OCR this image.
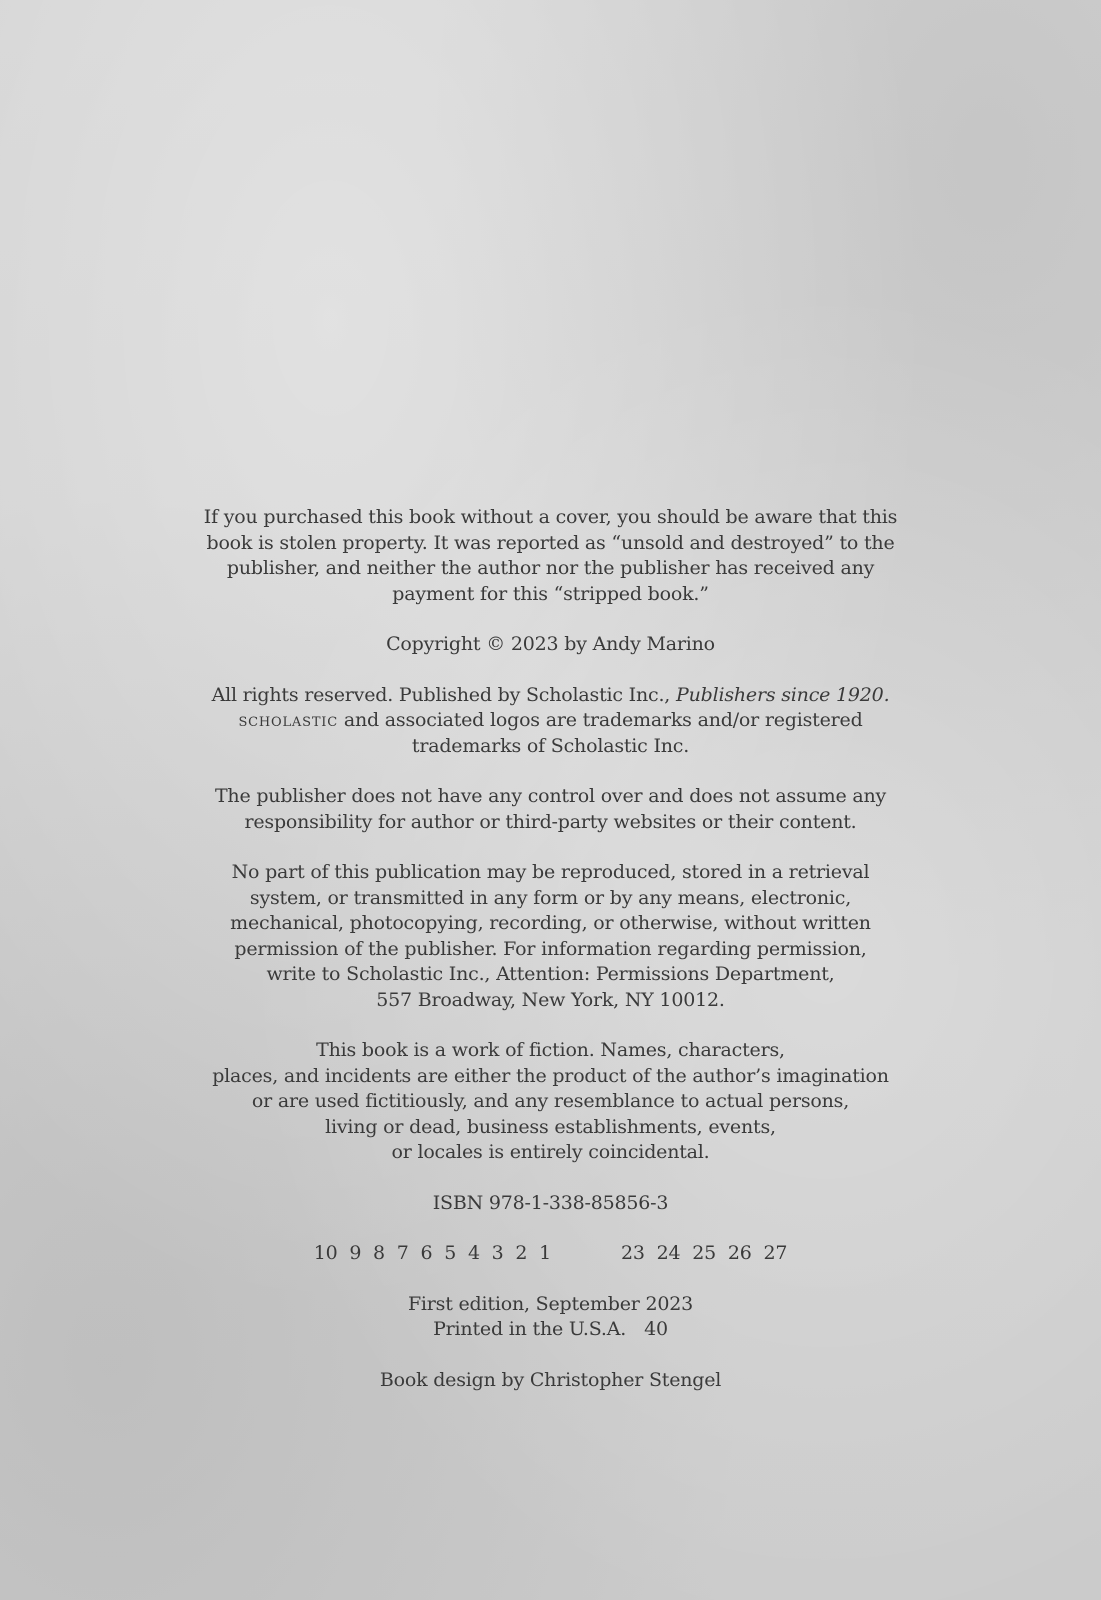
If you purchased this book without a cover, you should be aware that this
book is stolen property. It was reported as “unsold and destroyed” to the
publisher, and neither the author nor the publisher has received any
payment for this “stripped book.”
Copyright © 2023 by Andy Marino
All rights reserved. Published by Scholastic Inc., Publishers since 1920.
scholastic and associated logos are trademarks and/or registered
trademarks of Scholastic Inc.
The publisher does not have any control over and does not assume any
responsibility for author or third-party websites or their content.
No part of this publication may be reproduced, stored in a retrieval
system, or transmitted in any form or by any means, electronic,
mechanical, photocopying, recording, or otherwise, without written
permission of the publisher. For information regarding permission,
write to Scholastic Inc., Attention: Permissions Department,
557 Broadway, New York, NY 10012.
This book is a work of fiction. Names, characters,
places, and incidents are either the product of the author’s imagination
or are used fictitiously, and any resemblance to actual persons,
living or dead, business establishments, events,
or locales is entirely coincidental.
ISBN 978-1-338-85856-3
10 9 8 7 6 5 4 3 2 1	23 24 25 26 27
First edition, September 2023
Printed in the U.S.A. 40
Book design by Christopher Stengel
